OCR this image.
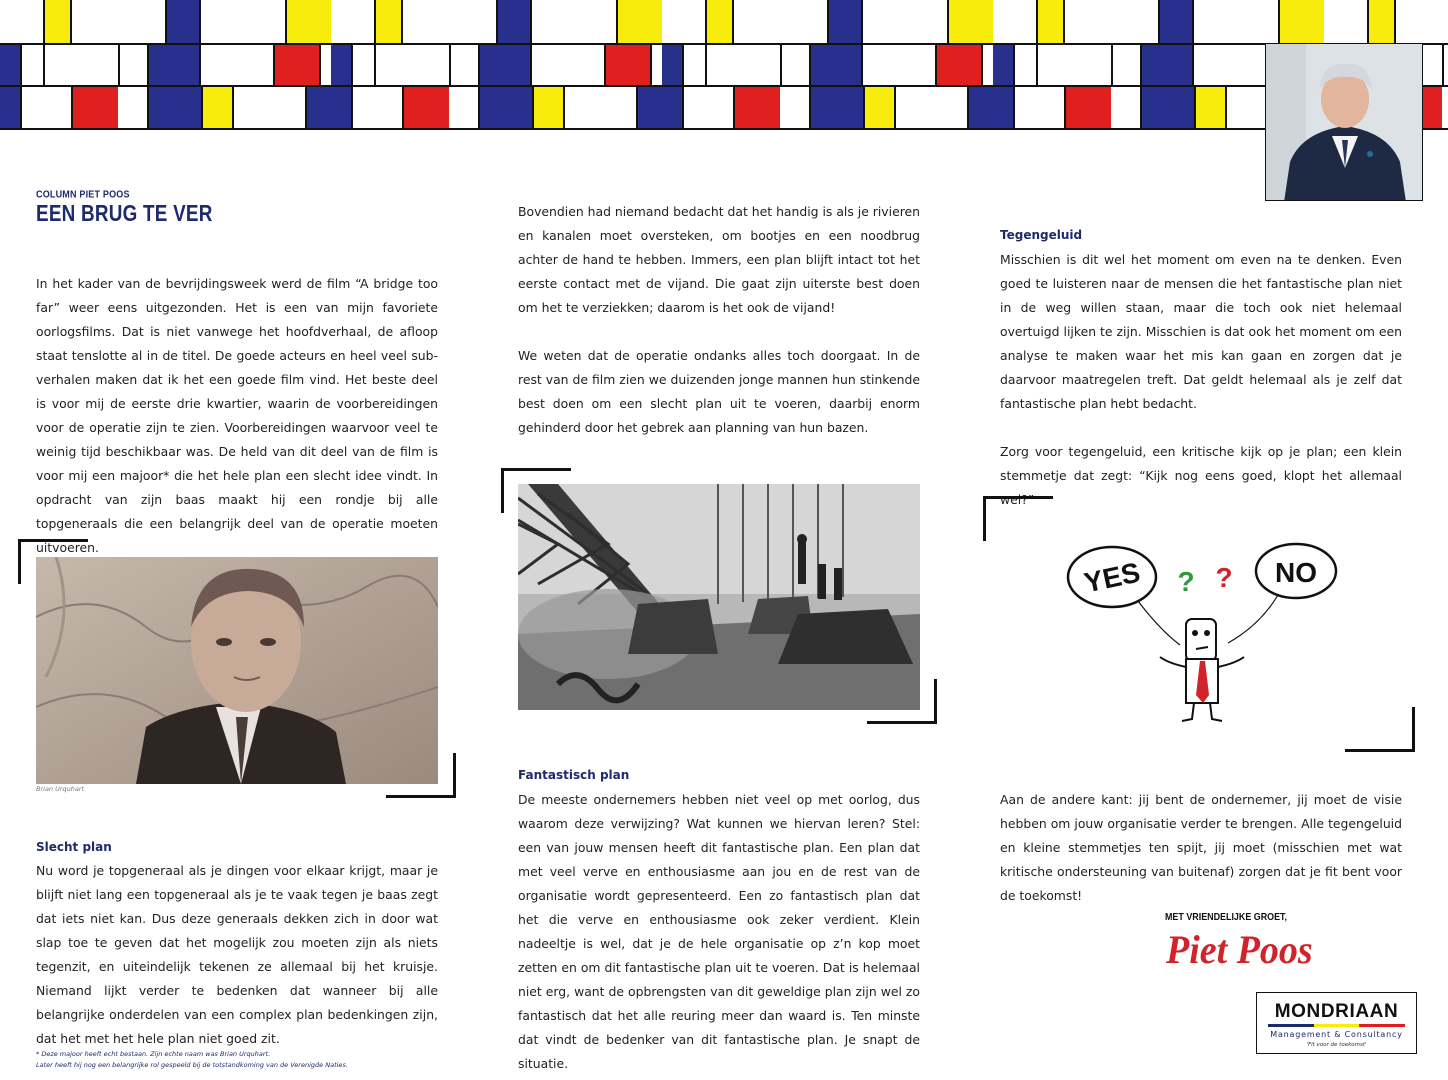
COLUMN PIET POOS
EEN BRUG TE VER

In het kader van de bevrijdingsweek werd de film “A bridge too far” weer eens uitgezonden. Het is een van mijn favoriete oorlogsfilms. Dat is niet vanwege het hoofdverhaal, de afloop staat tenslotte al in de titel. De goede acteurs en heel veel sub-verhalen maken dat ik het een goede film vind. Het beste deel is voor mij de eerste drie kwartier, waarin de voorbereidingen voor de operatie zijn te zien. Voorbereidingen waarvoor veel te weinig tijd beschikbaar was. De held van dit deel van de film is voor mij een majoor* die het hele plan een slecht idee vindt. In opdracht van zijn baas maakt hij een rondje bij alle topgeneraals die een belangrijk deel van de operatie moeten uitvoeren.

Brian Urquhart
Slecht plan

Nu word je topgeneraal als je dingen voor elkaar krijgt, maar je blijft niet lang een topgeneraal als je te vaak tegen je baas zegt dat iets niet kan. Dus deze generaals dekken zich in door wat slap toe te geven dat het mogelijk zou moeten zijn als niets tegenzit, en uiteindelijk tekenen ze allemaal bij het kruisje. Niemand lijkt verder te bedenken dat wanneer bij alle belangrijke onderdelen van een complex plan bedenkingen zijn, dat het met het hele plan niet goed zit.

* Deze majoor heeft echt bestaan. Zijn echte naam was Brian Urquhart.
Later heeft hij nog een belangrijke rol gespeeld bij de totstandkoming van de Verenigde Naties.

Bovendien had niemand bedacht dat het handig is als je rivieren en kanalen moet oversteken, om bootjes en een noodbrug achter de hand te hebben. Immers, een plan blijft intact tot het eerste contact met de vijand. Die gaat zijn uiterste best doen om het te verziekken; daarom is het ook de vijand!

We weten dat de operatie ondanks alles toch doorgaat. In de rest van de film zien we duizenden jonge mannen hun stinkende best doen om een slecht plan uit te voeren, daarbij enorm gehinderd door het gebrek aan planning van hun bazen.

Fantastisch plan

De meeste ondernemers hebben niet veel op met oorlog, dus waarom deze verwijzing? Wat kunnen we hiervan leren? Stel: een van jouw mensen heeft dit fantastische plan. Een plan dat met veel verve en enthousiasme aan jou en de rest van de organisatie wordt gepresenteerd. Een zo fantastisch plan dat het die verve en enthousiasme ook zeker verdient. Klein nadeeltje is wel, dat je de hele organisatie op z’n kop moet zetten en om dit fantastische plan uit te voeren. Dat is helemaal niet erg, want de opbrengsten van dit geweldige plan zijn wel zo fantastisch dat het alle reuring meer dan waard is. Ten minste dat vindt de bedenker van dit fantastische plan. Je snapt de situatie.

Tegengeluid

Misschien is dit wel het moment om even na te denken. Even goed te luisteren naar de mensen die het fantastische plan niet in de weg willen staan, maar die toch ook niet helemaal overtuigd lijken te zijn. Misschien is dat ook het moment om een analyse te maken waar het mis kan gaan en zorgen dat je daarvoor maatregelen treft. Dat geldt helemaal als je zelf dat fantastische plan hebt bedacht.

Zorg voor tegengeluid, een kritische kijk op je plan; een klein stemmetje dat zegt: “Kijk nog eens goed, klopt het allemaal wel?”

YES	NO
? ?

Aan de andere kant: jij bent de ondernemer, jij moet de visie hebben om jouw organisatie verder te brengen. Alle tegengeluid en kleine stemmetjes ten spijt, jij moet (misschien met wat kritische ondersteuning van buitenaf) zorgen dat je fit bent voor de toekomst!

MET VRIENDELIJKE GROET,
Piet Poos
MONDRIAAN
Management & Consultancy
'Fit voor de toekomst'
